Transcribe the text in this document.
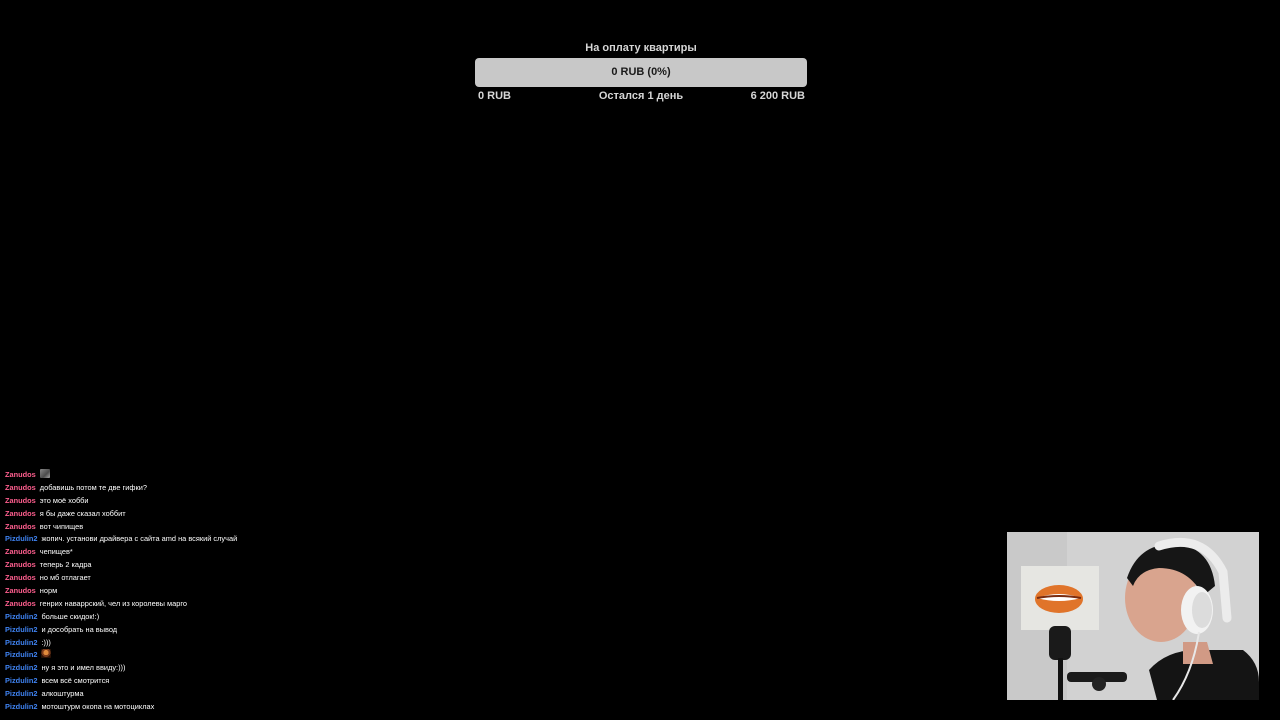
На оплату квартиры
0 RUB (0%)
0 RUB	Остался 1 день	6 200 RUB
Zanudos
Zanudos добавишь потом те две гифки?
Zanudos это моё хобби
Zanudos я бы даже сказал хоббит
Zanudos вот чипищев
Pizdulin2 жопич. установи драйвера с сайта amd на всякий случай
Zanudos чепищев*
Zanudos теперь 2 кадра
Zanudos но мб отлагает
Zanudos норм
Zanudos генрих наваррский, чел из королевы марго
Pizdulin2 больше скидок!:)
Pizdulin2 и дособрать на вывод
Pizdulin2 :)))
Pizdulin2
Pizdulin2 ну я это и имел ввиду:)))
Pizdulin2 всем всё смотрится
Pizdulin2 алкоштурма
Pizdulin2 мотоштурм окопа на мотоциклах
